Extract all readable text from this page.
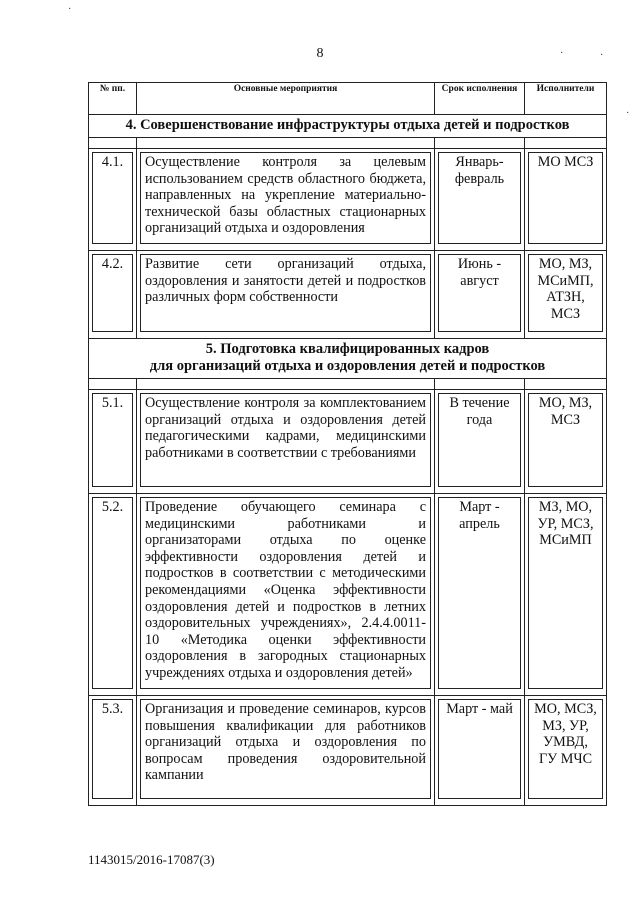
8
№ пп.	Основные мероприятия	Срок исполнения	Исполнители
4. Совершенствование инфраструктуры отдыха детей и подростков			

4.1.	Осуществление контроля за целевым использованием средств областного бюджета, направленных на укрепление материально-технической базы областных стационарных организаций отдыха и оздоровления	Январь-февраль	МО МСЗ

4.2.	Развитие сети организаций отдыха, оздоровления и занятости детей и подростков различных форм собственности	Июнь - август	МО, МЗ, МСиМП, АТЗН, МСЗ

5. Подготовка квалифицированных кадров
для организаций отдыха и оздоровления детей и подростков			

5.1.	Осуществление контроля за комплектованием организаций отдыха и оздоровления детей педагогическими кадрами, медицинскими работниками в соответствии с требованиями	В течение года	МО, МЗ, МСЗ

5.2.	Проведение обучающего семинара с медицинскими работниками и организаторами отдыха по оценке эффективности оздоровления детей и подростков в соответствии с методическими рекомендациями «Оценка эффективности оздоровления детей и подростков в летних оздоровительных учреждениях», 2.4.4.0011-10 «Методика оценки эффективности оздоровления в загородных стационарных учреждениях отдыха и оздоровления детей»	Март - апрель	МЗ, МО, УР, МСЗ, МСиМП

5.3.	Организация и проведение семинаров, курсов повышения квалификации для работников организаций отдыха и оздоровления по вопросам проведения оздоровительной кампании	Март - май	МО, МСЗ, МЗ, УР, УМВД, ГУ МЧС
1143015/2016-17087(3)
·
·	·
·
